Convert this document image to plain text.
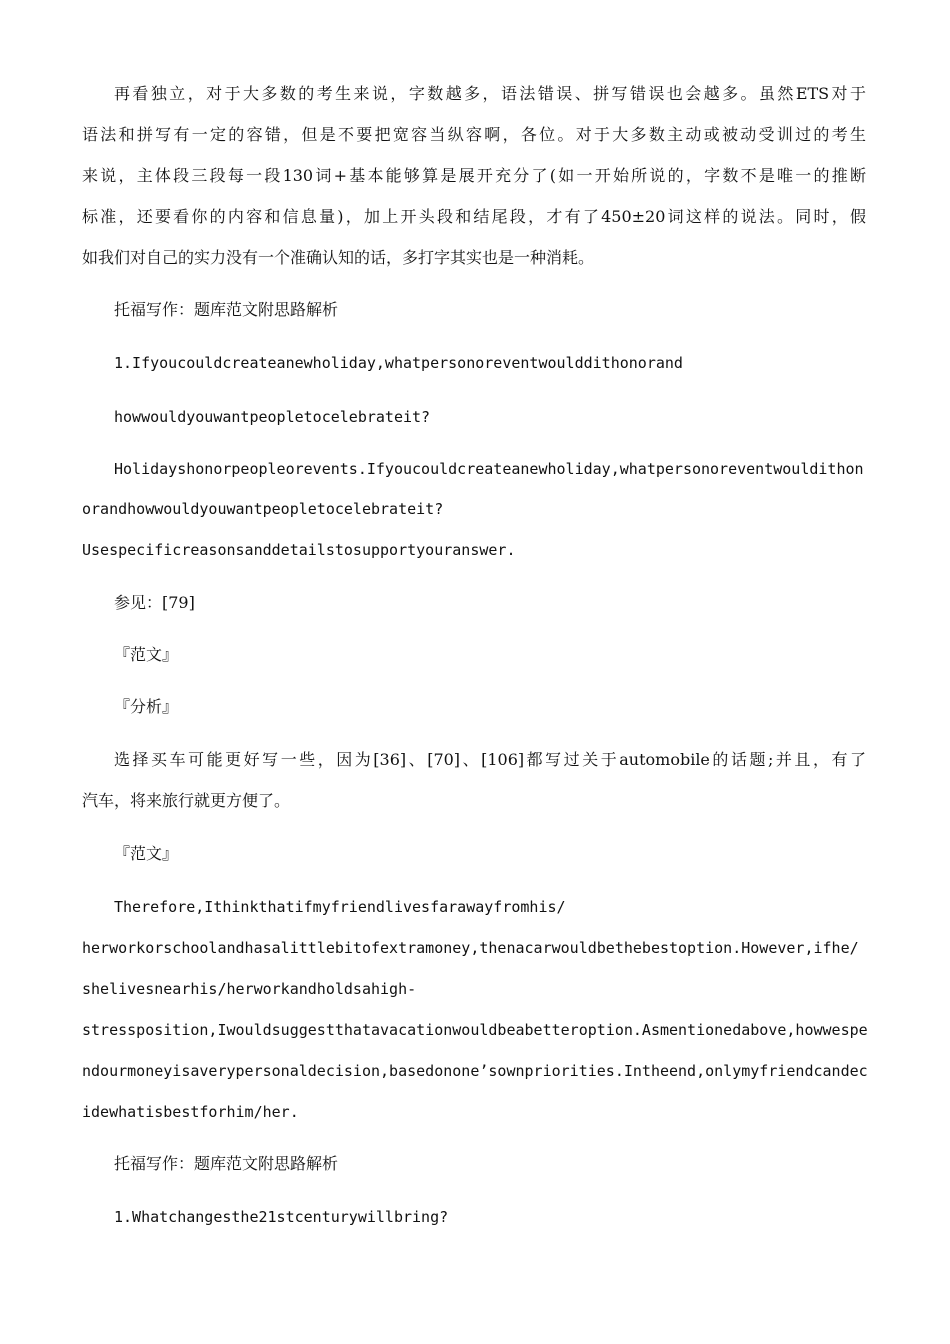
再看独立，对于大多数的考生来说，字数越多，语法错误、拼写错误也会越多。虽然ETS对于
语法和拼写有一定的容错，但是不要把宽容当纵容啊，各位。对于大多数主动或被动受训过的考生
来说，主体段三段每一段130词+基本能够算是展开充分了(如一开始所说的，字数不是唯一的推断
标准，还要看你的内容和信息量)，加上开头段和结尾段，才有了450±20词这样的说法。同时，假
如我们对自己的实力没有一个准确认知的话，多打字其实也是一种消耗。
托福写作：题库范文附思路解析
1.Ifyoucouldcreateanewholiday,whatpersonoreventwoulddithonorand
howwouldyouwantpeopletocelebrateit?
Holidayshonorpeopleorevents.Ifyoucouldcreateanewholiday,whatpersonoreventwouldithon
orandhowwouldyouwantpeopletocelebrateit?
Usespecificreasonsanddetailstosupportyouranswer.
参见：[79]
『范文』
『分析』
选择买车可能更好写一些，因为[36]、[70]、[106]都写过关于automobile的话题;并且，有了
汽车，将来旅行就更方便了。
『范文』
Therefore,Ithinkthatifmyfriendlivesfarawayfromhis/
herworkorschoolandhasalittlebitofextramoney,thenacarwouldbethebestoption.However,ifhe/
shelivesnearhis/herworkandholdsahigh-
stressposition,Iwouldsuggestthatavacationwouldbeabetteroption.Asmentionedabove,howwespe
ndourmoneyisaverypersonaldecision,basedonone’sownpriorities.Intheend,onlymyfriendcandec
idewhatisbestforhim/her.
托福写作：题库范文附思路解析
1.Whatchangesthe21stcenturywillbring?
